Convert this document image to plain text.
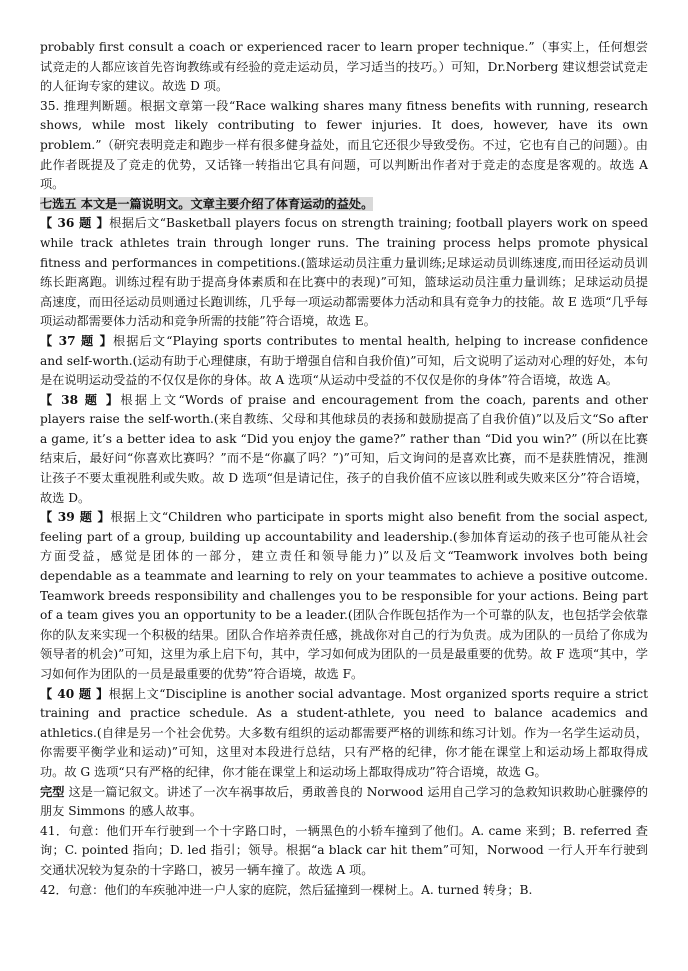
probably first consult a coach or experienced racer to learn proper technique.”（事实上，任何想尝试竞走的人都应该首先咨询教练或有经验的竞走运动员，学习适当的技巧。）可知，Dr.Norberg 建议想尝试竞走的人征询专家的建议。故选 D 项。

35. 推理判断题。根据文章第一段“Race walking shares many fitness benefits with running, research shows, while most likely contributing to fewer injuries. It does, however, have its own problem.”（研究表明竞走和跑步一样有很多健身益处，而且它还很少导致受伤。不过，它也有自己的问题）。由此作者既提及了竞走的优势，又话锋一转指出它具有问题，可以判断出作者对于竞走的态度是客观的。故选 A 项。

七选五 本文是一篇说明文。文章主要介绍了体育运动的益处。

【 36 题 】根据后文“Basketball players focus on strength training; football players work on speed while track athletes train through longer runs. The training process helps promote physical fitness and performances in competitions.(篮球运动员注重力量训练;足球运动员训练速度,而田径运动员训练长距离跑。训练过程有助于提高身体素质和在比赛中的表现)”可知，篮球运动员注重力量训练；足球运动员提高速度，而田径运动员则通过长跑训练，几乎每一项运动都需要体力活动和具有竞争力的技能。故 E 选项“几乎每项运动都需要体力活动和竞争所需的技能”符合语境，故选 E。

【 37 题 】根据后文“Playing sports contributes to mental health, helping to increase confidence and self-worth.(运动有助于心理健康，有助于增强自信和自我价值)”可知，后文说明了运动对心理的好处，本句是在说明运动受益的不仅仅是你的身体。故 A 选项“从运动中受益的不仅仅是你的身体”符合语境，故选 A。

【 38 题 】根据上文“Words of praise and encouragement from the coach, parents and other players raise the self-worth.(来自教练、父母和其他球员的表扬和鼓励提高了自我价值)”以及后文“So after a game, it’s a better idea to ask “Did you enjoy the game?” rather than “Did you win?” (所以在比赛结束后，最好问“你喜欢比赛吗？”而不是“你赢了吗？”)”可知，后文询问的是喜欢比赛，而不是获胜情况，推测让孩子不要太重视胜利或失败。故 D 选项“但是请记住，孩子的自我价值不应该以胜利或失败来区分”符合语境，故选 D。

【 39 题 】根据上文“Children who participate in sports might also benefit from the social aspect, feeling part of a group, building up accountability and leadership.(参加体育运动的孩子也可能从社会方面受益，感觉是团体的一部分，建立责任和领导能力)”以及后文“Teamwork involves both being dependable as a teammate and learning to rely on your teammates to achieve a positive outcome. Teamwork breeds responsibility and challenges you to be responsible for your actions. Being part of a team gives you an opportunity to be a leader.(团队合作既包括作为一个可靠的队友，也包括学会依靠你的队友来实现一个积极的结果。团队合作培养责任感，挑战你对自己的行为负责。成为团队的一员给了你成为领导者的机会)”可知，这里为承上启下句，其中，学习如何成为团队的一员是最重要的优势。故 F 选项“其中，学习如何作为团队的一员是最重要的优势”符合语境，故选 F。

【 40 题 】根据上文“Discipline is another social advantage. Most organized sports require a strict training and practice schedule. As a student-athlete, you need to balance academics and athletics.(自律是另一个社会优势。大多数有组织的运动都需要严格的训练和练习计划。作为一名学生运动员，你需要平衡学业和运动)”可知，这里对本段进行总结，只有严格的纪律，你才能在课堂上和运动场上都取得成功。故 G 选项“只有严格的纪律，你才能在课堂上和运动场上都取得成功”符合语境，故选 G。

完型 这是一篇记叙文。讲述了一次车祸事故后，勇敢善良的 Norwood 运用自己学习的急救知识救助心脏骤停的朋友 Simmons 的感人故事。

41．句意：他们开车行驶到一个十字路口时，一辆黑色的小轿车撞到了他们。A. came 来到；B. referred 查询；C. pointed 指向；D. led 指引；领导。根据“a black car hit them”可知，Norwood 一行人开车行驶到交通状况较为复杂的十字路口，被另一辆车撞了。故选 A 项。

42．句意：他们的车疾驰冲进一户人家的庭院，然后猛撞到一棵树上。A. turned 转身；B.
